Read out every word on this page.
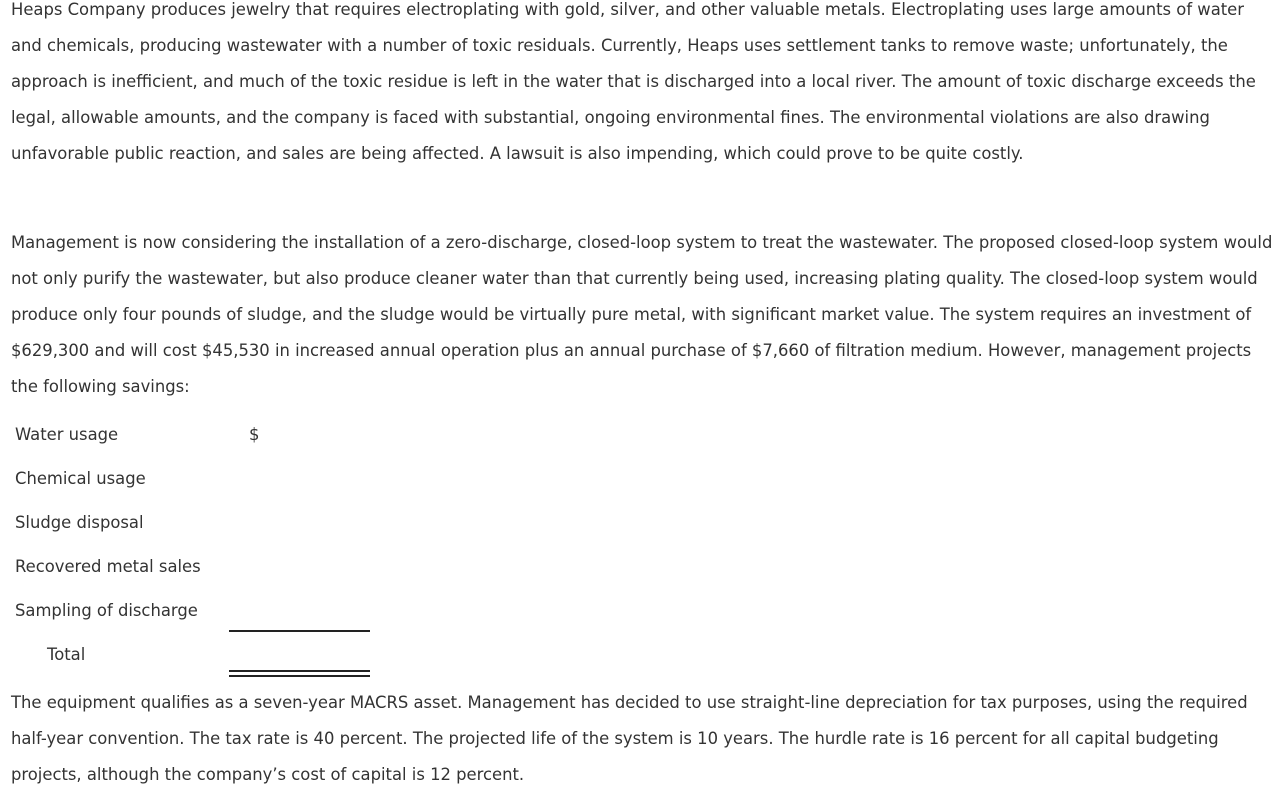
Heaps Company produces jewelry that requires electroplating with gold, silver, and other valuable metals. Electroplating uses large amounts of water and chemicals, producing wastewater with a number of toxic residuals. Currently, Heaps uses settlement tanks to remove waste; unfortunately, the approach is inefficient, and much of the toxic residue is left in the water that is discharged into a local river. The amount of toxic discharge exceeds the legal, allowable amounts, and the company is faced with substantial, ongoing environmental fines. The environmental violations are also drawing unfavorable public reaction, and sales are being affected. A lawsuit is also impending, which could prove to be quite costly.

Management is now considering the installation of a zero-discharge, closed-loop system to treat the wastewater. The proposed closed-loop system would not only purify the wastewater, but also produce cleaner water than that currently being used, increasing plating quality. The closed-loop system would produce only four pounds of sludge, and the sludge would be virtually pure metal, with significant market value. The system requires an investment of $629,300 and will cost $45,530 in increased annual operation plus an annual purchase of $7,660 of filtration medium. However, management projects the following savings:

Water usage	$
Chemical usage
Sludge disposal
Recovered metal sales
Sampling of discharge
Total

The equipment qualifies as a seven-year MACRS asset. Management has decided to use straight-line depreciation for tax purposes, using the required half-year convention. The tax rate is 40 percent. The projected life of the system is 10 years. The hurdle rate is 16 percent for all capital budgeting projects, although the company’s cost of capital is 12 percent.
